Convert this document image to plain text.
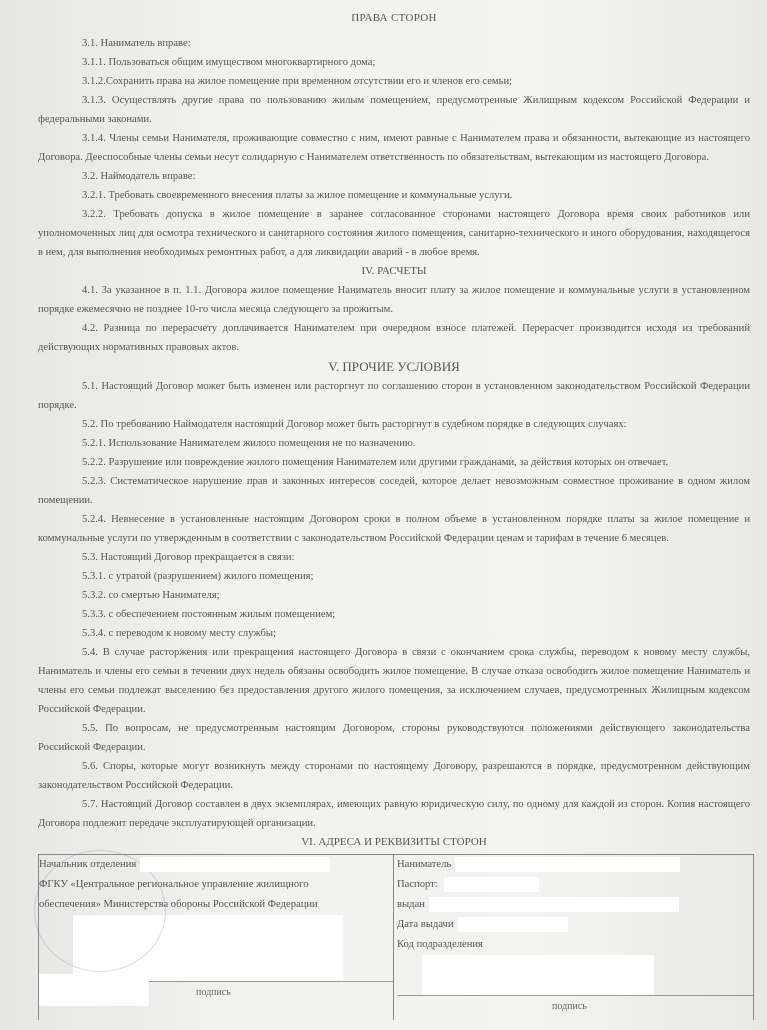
ПРАВА СТОРОН

3.1. Наниматель вправе:

3.1.1. Пользоваться общим имуществом многоквартирного дома;

3.1.2.Сохранить права на жилое помещение при временном отсутствии его и членов его семьи;

3.1.3. Осуществлять другие права по пользованию жилым помещением, предусмотренные Жилищным кодексом Российской Федерации и федеральными законами.

3.1.4. Члены семьи Нанимателя, проживающие совместно с ним, имеют равные с Нанимателем права и обязанности, вытекающие из настоящего Договора. Дееспособные члены семьи несут солидарную с Нанимателем ответственность по обязательствам, вытекающим из настоящего Договора.

3.2. Наймодатель вправе:

3.2.1. Требовать своевременного внесения платы за жилое помещение и коммунальные услуги.

3.2.2. Требовать допуска в жилое помещение в заранее согласованное сторонами настоящего Договора время своих работников или уполномоченных лиц для осмотра технического и санитарного состояния жилого помещения, санитарно-технического и иного оборудования, находящегося в нем, для выполнения необходимых ремонтных работ, а для ликвидации аварий - в любое время.

IV. РАСЧЕТЫ

4.1. За указанное в п. 1.1. Договора жилое помещение Наниматель вносит плату за жилое помещение и коммунальные услуги в установленном порядке ежемесячно не позднее 10-го числа месяца следующего за прожитым.

4.2. Разница по перерасчету доплачивается Нанимателем при очередном взносе платежей. Перерасчет производится исходя из требований действующих нормативных правовых актов.

V. ПРОЧИЕ УСЛОВИЯ

5.1. Настоящий Договор может быть изменен или расторгнут по соглашению сторон в установленном законодательством Российской Федерации порядке.

5.2. По требованию Наймодателя настоящий Договор может быть расторгнут в судебном порядке в следующих случаях:

5.2.1. Использование Нанимателем жилого помещения не по назначению.

5.2.2. Разрушение или повреждение жилого помещения Нанимателем или другими гражданами, за действия которых он отвечает.

5.2.3. Систематическое нарушение прав и законных интересов соседей, которое делает невозможным совместное проживание в одном жилом помещении.

5.2.4. Невнесение в установленные настоящим Договором сроки в полном объеме в установленном порядке платы за жилое помещение и коммунальные услуги по утвержденным в соответствии с законодательством Российской Федерации ценам и тарифам в течение 6 месяцев.

5.3. Настоящий Договор прекращается в связи:

5.3.1. с утратой (разрушением) жилого помещения;

5.3.2. со смертью Нанимателя;

5.3.3. с обеспечением постоянным жилым помещением;

5.3.4. с переводом к новому месту службы;

5.4. В случае расторжения или прекращения настоящего Договора в связи с окончанием срока службы, переводом к новому месту службы, Наниматель и члены его семьи в течении двух недель обязаны освободить жилое помещение. В случае отказа освободить жилое помещение Наниматель и члены его семьи подлежат выселению без предоставления другого жилого помещения, за исключением случаев, предусмотренных Жилищным кодексом Российской Федерации.

5.5. По вопросам, не предусмотренным настоящим Договором, стороны руководствуются положениями действующего законодательства Российской Федерации.

5.6. Споры, которые могут возникнуть между сторонами по настоящему Договору, разрешаются в порядке, предусмотренном действующим законодательством Российской Федерации.

5.7. Настоящий Договор составлен в двух экземплярах, имеющих равную юридическую силу, по одному для каждой из сторон. Копия настоящего Договора подлежит передаче эксплуатирующей организации.

VI. АДРЕСА И РЕКВИЗИТЫ СТОРОН
Начальник отделения
ФГКУ «Центральное региональное управление жилищного
обеспечения» Министерства обороны Российской Федерации
подпись
Наниматель
Паспорт:
выдан
Дата выдачи
Код подразделения
подпись
